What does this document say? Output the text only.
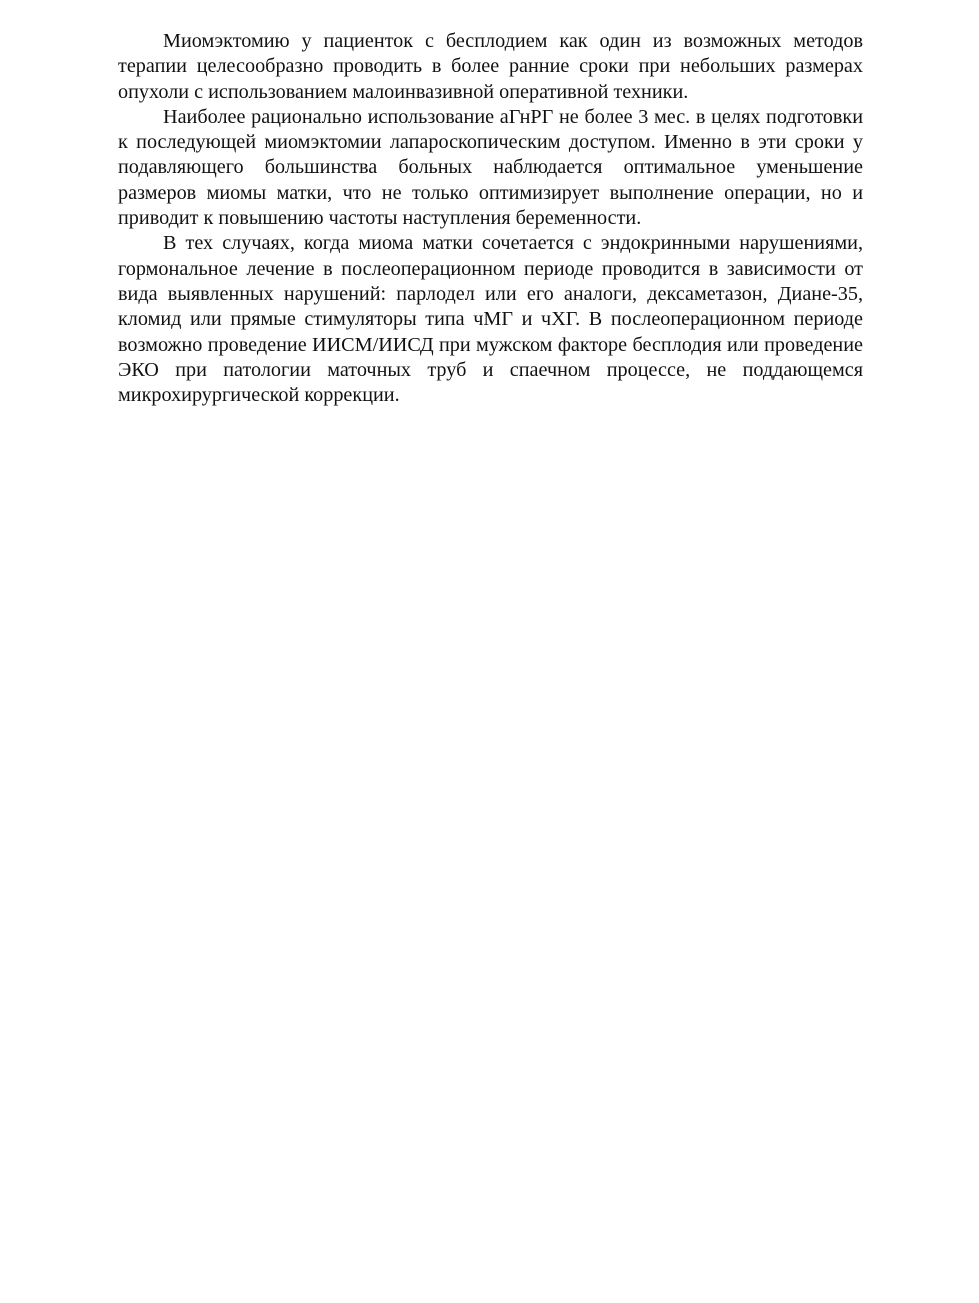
Миомэктомию у пациенток с бесплодием как один из возможных методов терапии целесообразно проводить в более ранние сроки при небольших размерах опухоли с использованием малоинвазивной оперативной техники.

Наиболее рационально использование аГнРГ не более 3 мес. в целях подготовки к последующей миомэктомии лапароскопическим доступом. Именно в эти сроки у подавляющего большинства больных наблюдается оптимальное уменьшение размеров миомы матки, что не только оптимизирует выполнение операции, но и приводит к повышению частоты наступления беременности.

В тех случаях, когда миома матки сочетается с эндокринными нарушениями, гормональное лечение в послеоперационном периоде проводится в зависимости от вида выявленных нарушений: парлодел или его аналоги, дексаметазон, Диане-35, кломид или прямые стимуляторы типа чМГ и чХГ. В послеоперационном периоде возможно проведение ИИСМ/ИИСД при мужском факторе бесплодия или проведение ЭКО при патологии маточных труб и спаечном процессе, не поддающемся микрохирургической коррекции.
